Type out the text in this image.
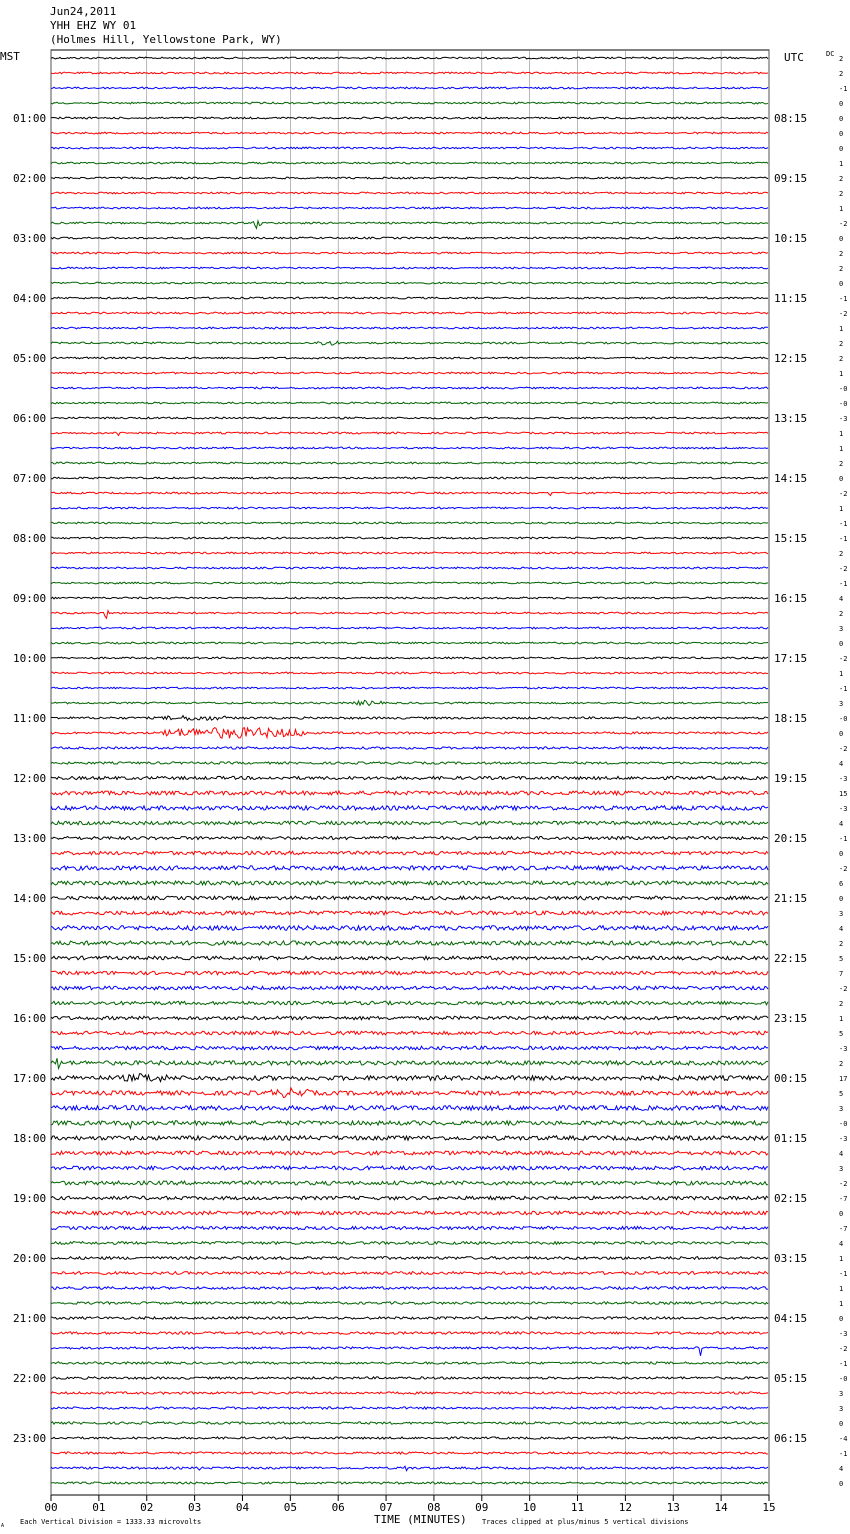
Jun24,2011
YHH EHZ WY 01
(Holmes Hill, Yellowstone Park, WY)
MST	UTC	DC
TIME (MINUTES)
Each Vertical Division = 1333.33 microvolts	Traces clipped at plus/minus 5 vertical divisions
A
00	01	02	03	04	05	06	07	08	09	10	11	12	13	14	15
2
2
-1
0
0
0
0
1
2
2
1
-2
0
2
2
0
-1
-2
1
2
2
1
-0
-0
-3
1
1
2
0
-2
1
-1
-1
2
-2
-1
4
2
3
0
-2
1
-1
3
-0
0
-2
4
-3
15
-3
4
-1
0
-2
6
0
3
4
2
5
7
-2
2
1
5
-3
2
17
5
3
-0
-3
4
3
-2
-7
0
-7
4
1
-1
1
1
0
-3
-2
-1
-0
3
3
0
-4
-1
4
0
01:00
02:00
03:00
04:00
05:00
06:00
07:00
08:00
09:00
10:00
11:00
12:00
13:00
14:00
15:00
16:00
17:00
18:00
19:00
20:00
21:00
22:00
23:00
08:15
09:15
10:15
11:15
12:15
13:15
14:15
15:15
16:15
17:15
18:15
19:15
20:15
21:15
22:15
23:15
00:15
01:15
02:15
03:15
04:15
05:15
06:15
